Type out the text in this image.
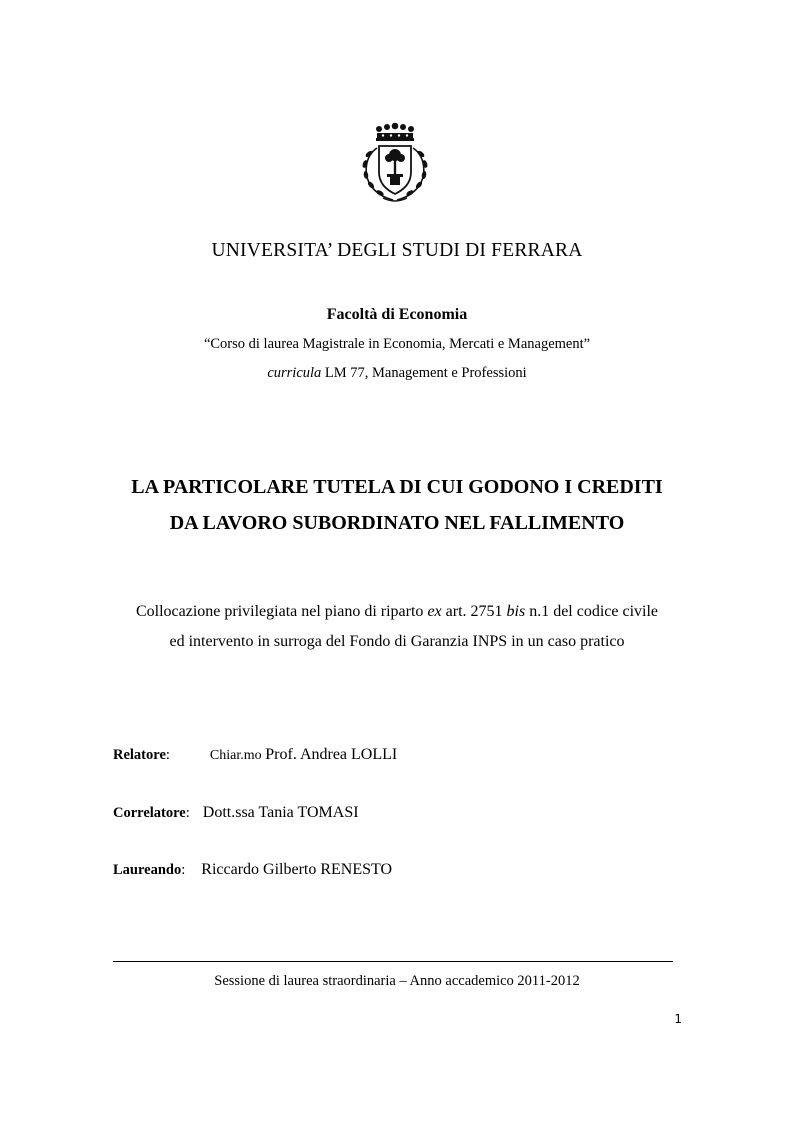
UNIVERSITA’ DEGLI STUDI DI FERRARA
Facoltà di Economia
“Corso di laurea Magistrale in Economia, Mercati e Management”
curricula LM 77, Management e Professioni
LA PARTICOLARE TUTELA DI CUI GODONO I CREDITI
DA LAVORO SUBORDINATO NEL FALLIMENTO
Collocazione privilegiata nel piano di riparto ex art. 2751 bis n.1 del codice civile
ed intervento in surroga del Fondo di Garanzia INPS in un caso pratico
Relatore:	Chiar.mo Prof. Andrea LOLLI
Correlatore: Dott.ssa Tania TOMASI
Laureando: Riccardo Gilberto RENESTO
Sessione di laurea straordinaria – Anno accademico 2011-2012
1
